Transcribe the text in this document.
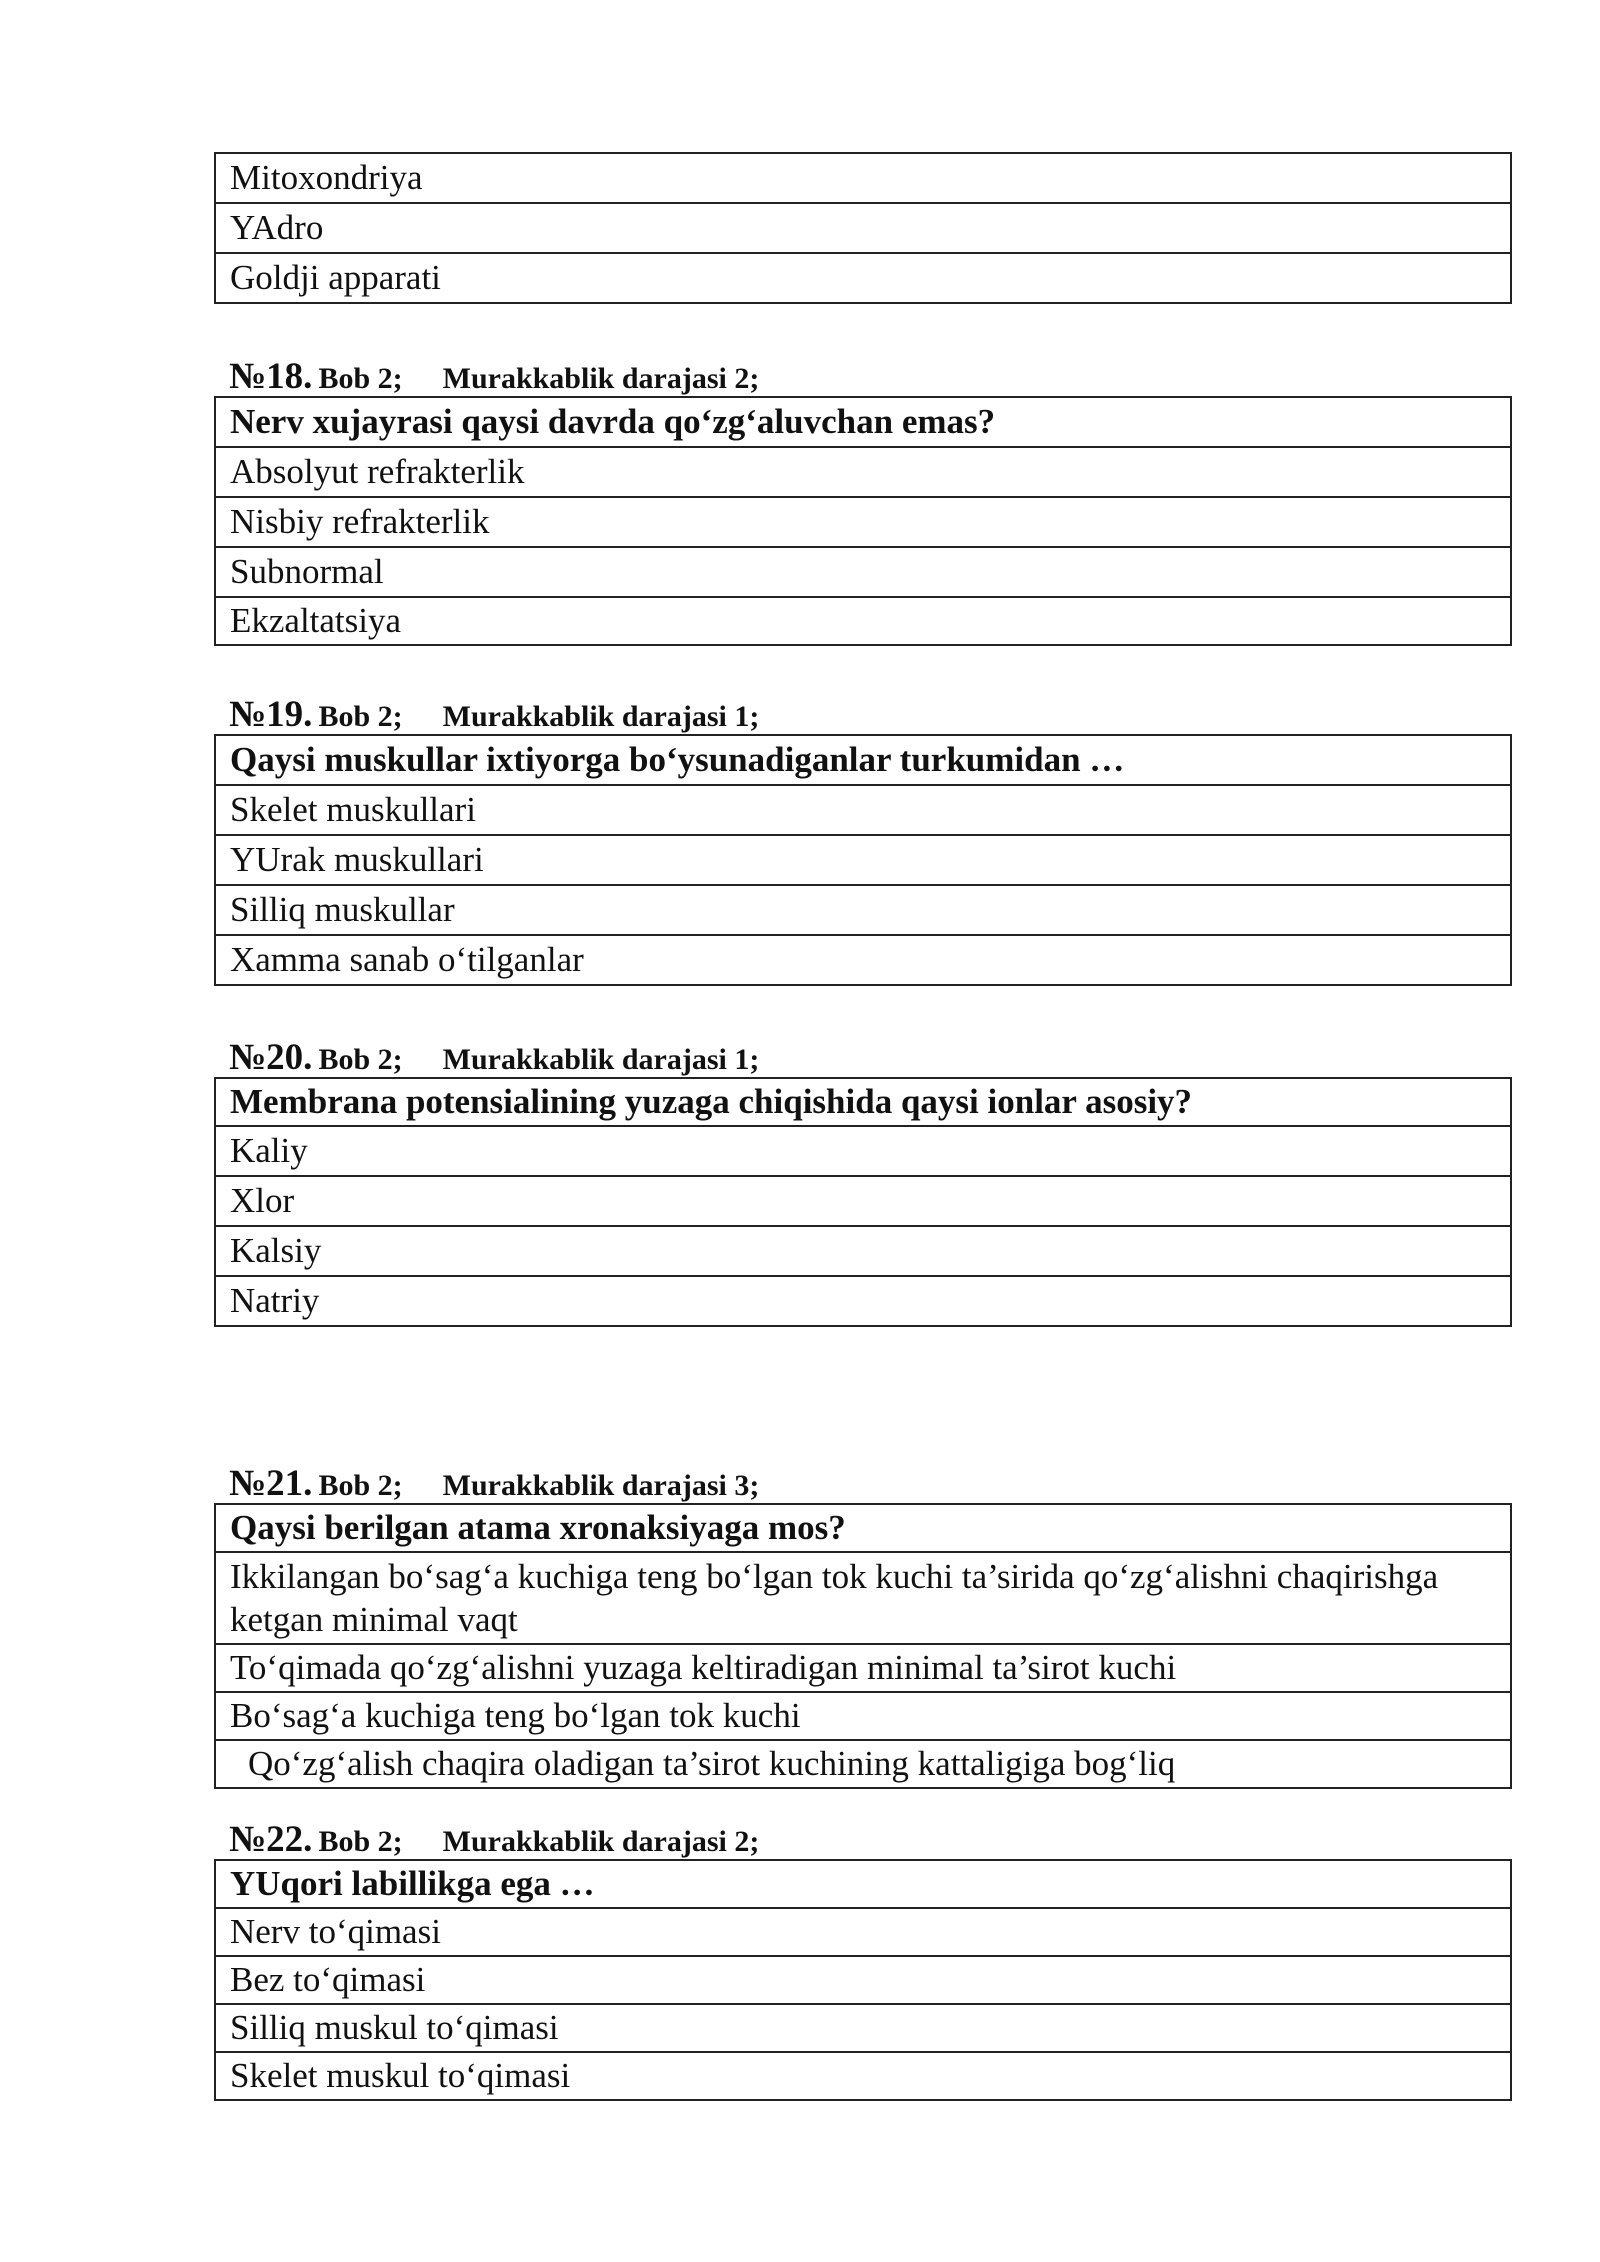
Mitoxondriya
YAdro
Goldji apparati
№18. Bob 2; Murakkablik darajasi 2;
Nerv xujayrasi qaysi davrda qo‘zg‘aluvchan emas?
Absolyut refrakterlik
Nisbiy refrakterlik
Subnormal
Ekzaltatsiya
№19. Bob 2; Murakkablik darajasi 1;
Qaysi muskullar ixtiyorga bo‘ysunadiganlar turkumidan …
Skelet muskullari
YUrak muskullari
Silliq muskullar
Xamma sanab o‘tilganlar
№20. Bob 2; Murakkablik darajasi 1;
Membrana potensialining yuzaga chiqishida qaysi ionlar asosiy?
Kaliy
Xlor
Kalsiy
Natriy
№21. Bob 2; Murakkablik darajasi 3;
Qaysi berilgan atama xronaksiyaga mos?
Ikkilangan bo‘sag‘a kuchiga teng bo‘lgan tok kuchi ta’sirida qo‘zg‘alishni chaqirishga ketgan minimal vaqt
To‘qimada qo‘zg‘alishni yuzaga keltiradigan minimal ta’sirot kuchi
Bo‘sag‘a kuchiga teng bo‘lgan tok kuchi
Qo‘zg‘alish chaqira oladigan ta’sirot kuchining kattaligiga bog‘liq
№22. Bob 2; Murakkablik darajasi 2;
YUqori labillikga ega …
Nerv to‘qimasi
Bez to‘qimasi
Silliq muskul to‘qimasi
Skelet muskul to‘qimasi
